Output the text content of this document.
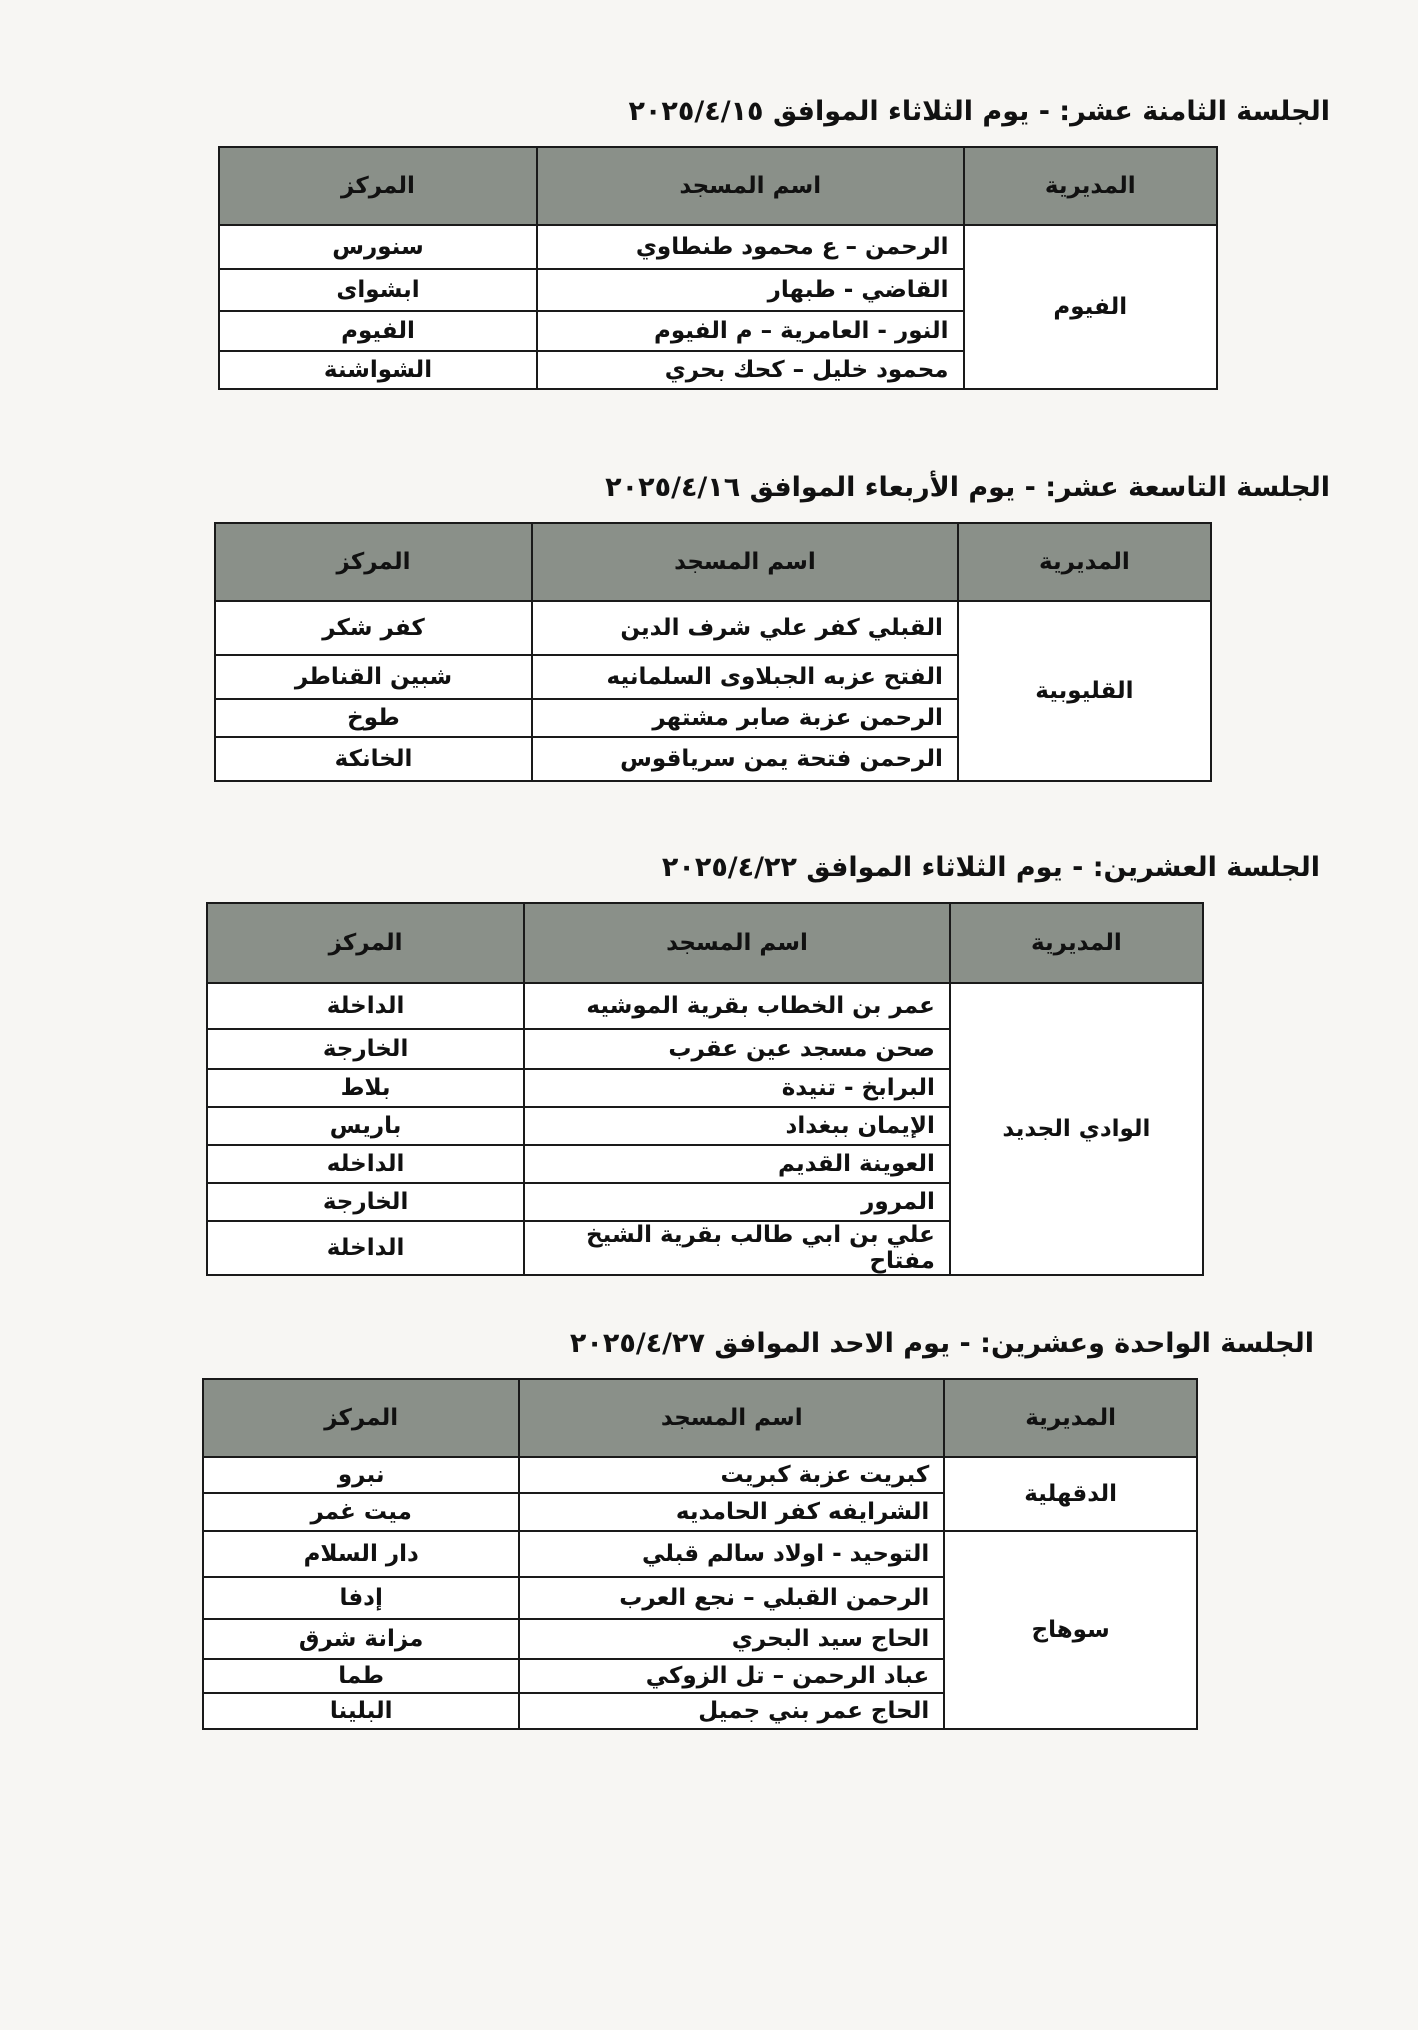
الجلسة الثامنة عشر: - يوم الثلاثاء الموافق ٢٠٢٥/٤/١٥
المديرية	اسم المسجد	المركز
الفيوم	الرحمن – ع محمود طنطاوي	سنورس
	القاضي - طبهار	ابشواى
	النور - العامرية – م الفيوم	الفيوم
	محمود خليل – كحك بحري	الشواشنة
الجلسة التاسعة عشر: - يوم الأربعاء الموافق ٢٠٢٥/٤/١٦
المديرية	اسم المسجد	المركز
القليوبية	القبلي كفر علي شرف الدين	كفر شكر
	الفتح عزبه الجبلاوى السلمانيه	شبين القناطر
	الرحمن عزبة صابر مشتهر	طوخ
	الرحمن فتحة يمن سرياقوس	الخانكة
الجلسة العشرين: - يوم الثلاثاء الموافق ٢٠٢٥/٤/٢٢
المديرية	اسم المسجد	المركز
الوادي الجديد	عمر بن الخطاب بقرية الموشيه	الداخلة
	صحن مسجد عين عقرب	الخارجة
	البرابخ - تنيدة	بلاط
	الإيمان ببغداد	باريس
	العوينة القديم	الداخله
	المرور	الخارجة
	علي بن ابي طالب بقرية الشيخ مفتاح	الداخلة
الجلسة الواحدة وعشرين: - يوم الاحد الموافق ٢٠٢٥/٤/٢٧
المديرية	اسم المسجد	المركز
الدقهلية	كبريت عزبة كبريت	نبرو
	الشرايفه كفر الحامديه	ميت غمر
سوهاج	التوحيد - اولاد سالم قبلي	دار السلام
	الرحمن القبلي – نجع العرب	إدفا
	الحاج سيد البحري	مزانة شرق
	عباد الرحمن – تل الزوكي	طما
	الحاج عمر بني جميل	البلينا
